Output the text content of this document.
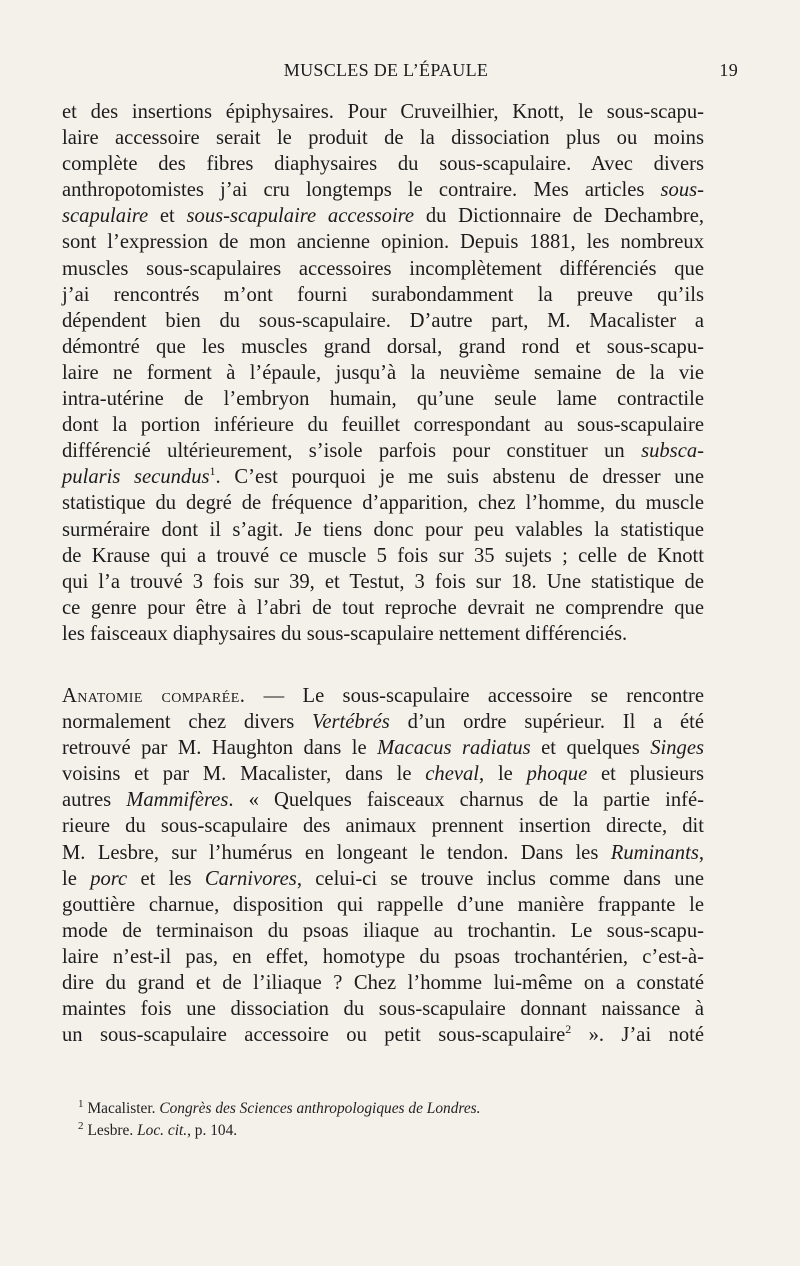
MUSCLES DE L’ÉPAULE	19
et des insertions épiphysaires. Pour Cruveilhier, Knott, le sous-scapu-
laire accessoire serait le produit de la dissociation plus ou moins
complète des fibres diaphysaires du sous-scapulaire. Avec divers
anthropotomistes j’ai cru longtemps le contraire. Mes articles sous-
scapulaire et sous-scapulaire accessoire du Dictionnaire de Dechambre,
sont l’expression de mon ancienne opinion. Depuis 1881, les nombreux
muscles sous-scapulaires accessoires incomplètement différenciés que
j’ai rencontrés m’ont fourni surabondamment la preuve qu’ils
dépendent bien du sous-scapulaire. D’autre part, M. Macalister a
démontré que les muscles grand dorsal, grand rond et sous-scapu-
laire ne forment à l’épaule, jusqu’à la neuvième semaine de la vie
intra-utérine de l’embryon humain, qu’une seule lame contractile
dont la portion inférieure du feuillet correspondant au sous-scapulaire
différencié ultérieurement, s’isole parfois pour constituer un subsca-
pularis secundus$^1$. C’est pourquoi je me suis abstenu de dresser une
statistique du degré de fréquence d’apparition, chez l’homme, du muscle
surméraire dont il s’agit. Je tiens donc pour peu valables la statistique
de Krause qui a trouvé ce muscle 5 fois sur 35 sujets ; celle de Knott
qui l’a trouvé 3 fois sur 39, et Testut, 3 fois sur 18. Une statistique de
ce genre pour être à l’abri de tout reproche devrait ne comprendre que
les faisceaux diaphysaires du sous-scapulaire nettement différenciés.
Anatomie comparée. — Le sous-scapulaire accessoire se rencontre
normalement chez divers Vertébrés d’un ordre supérieur. Il a été
retrouvé par M. Haughton dans le Macacus radiatus et quelques Singes
voisins et par M. Macalister, dans le cheval, le phoque et plusieurs
autres Mammifères. « Quelques faisceaux charnus de la partie infé-
rieure du sous-scapulaire des animaux prennent insertion directe, dit
M. Lesbre, sur l’humérus en longeant le tendon. Dans les Ruminants,
le porc et les Carnivores, celui-ci se trouve inclus comme dans une
gouttière charnue, disposition qui rappelle d’une manière frappante le
mode de terminaison du psoas iliaque au trochantin. Le sous-scapu-
laire n’est-il pas, en effet, homotype du psoas trochantérien, c’est-à-
dire du grand et de l’iliaque ? Chez l’homme lui-même on a constaté
maintes fois une dissociation du sous-scapulaire donnant naissance à
un sous-scapulaire accessoire ou petit sous-scapulaire$^2$ ». J’ai noté
$^1$ Macalister. Congrès des Sciences anthropologiques de Londres.
$^2$ Lesbre. Loc. cit., p. 104.
